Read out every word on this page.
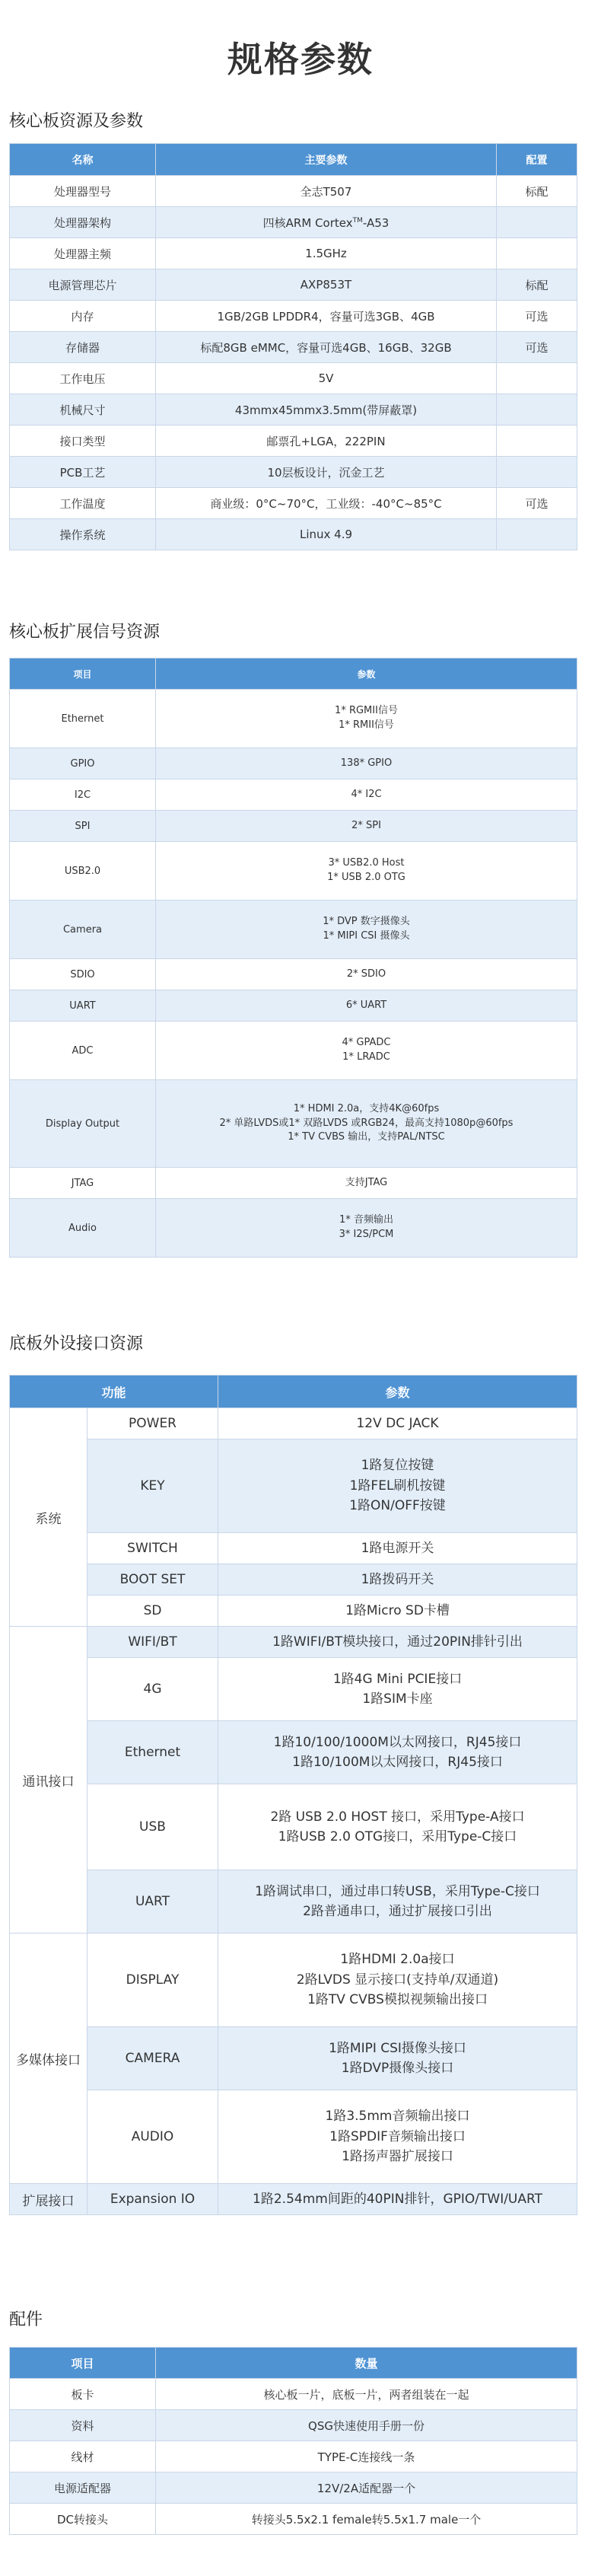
规格参数
核心板资源及参数
名称	主要参数	配置
处理器型号	全志T507	标配
处理器架构	四核ARM Cortex™-A53	
处理器主频	1.5GHz	
电源管理芯片	AXP853T	标配
内存	1GB/2GB LPDDR4，容量可选3GB、4GB	可选
存储器	标配8GB eMMC，容量可选4GB、16GB、32GB	可选
工作电压	5V	
机械尺寸	43mmx45mmx3.5mm(带屏蔽罩)	
接口类型	邮票孔+LGA，222PIN	
PCB工艺	10层板设计，沉金工艺	
工作温度	商业级：0°C~70°C，工业级：-40°C~85°C	可选
操作系统	Linux 4.9	
核心板扩展信号资源
项目	参数
Ethernet	1* RGMII信号
1* RMII信号

GPIO	138* GPIO

I2C	4* I2C

SPI	2* SPI

USB2.0	3* USB2.0 Host
1* USB 2.0 OTG

Camera	1* DVP 数字摄像头
1* MIPI CSI 摄像头

SDIO	2* SDIO

UART	6* UART

ADC	4* GPADC
1* LRADC

Display Output	1* HDMI 2.0a，支持4K@60fps
2* 单路LVDS或1* 双路LVDS 或RGB24，最高支持1080p@60fps
1* TV CVBS 输出，支持PAL/NTSC

JTAG	支持JTAG

Audio	1* 音频输出
3* I2S/PCM
底板外设接口资源
功能		参数
系统	POWER	12V DC JACK

	KEY	1路复位按键
1路FEL刷机按键
1路ON/OFF按键

	SWITCH	1路电源开关

	BOOT SET	1路拨码开关

	SD	1路Micro SD卡槽

通讯接口	WIFI/BT	1路WIFI/BT模块接口，通过20PIN排针引出

	4G	1路4G Mini PCIE接口
1路SIM卡座

	Ethernet	1路10/100/1000M以太网接口，RJ45接口
1路10/100M以太网接口，RJ45接口

	USB	2路 USB 2.0 HOST 接口，采用Type-A接口
1路USB 2.0 OTG接口，采用Type-C接口

	UART	1路调试串口，通过串口转USB，采用Type-C接口
2路普通串口，通过扩展接口引出

多媒体接口	DISPLAY	1路HDMI 2.0a接口
2路LVDS 显示接口(支持单/双通道)
1路TV CVBS模拟视频输出接口

	CAMERA	1路MIPI CSI摄像头接口
1路DVP摄像头接口

	AUDIO	1路3.5mm音频输出接口
1路SPDIF音频输出接口
1路扬声器扩展接口

扩展接口	Expansion IO	1路2.54mm间距的40PIN排针，GPIO/TWI/UART
配件
项目	数量
板卡	核心板一片，底板一片，两者组装在一起
资料	QSG快速使用手册一份
线材	TYPE-C连接线一条
电源适配器	12V/2A适配器一个
DC转接头	转接头5.5x2.1 female转5.5x1.7 male一个
